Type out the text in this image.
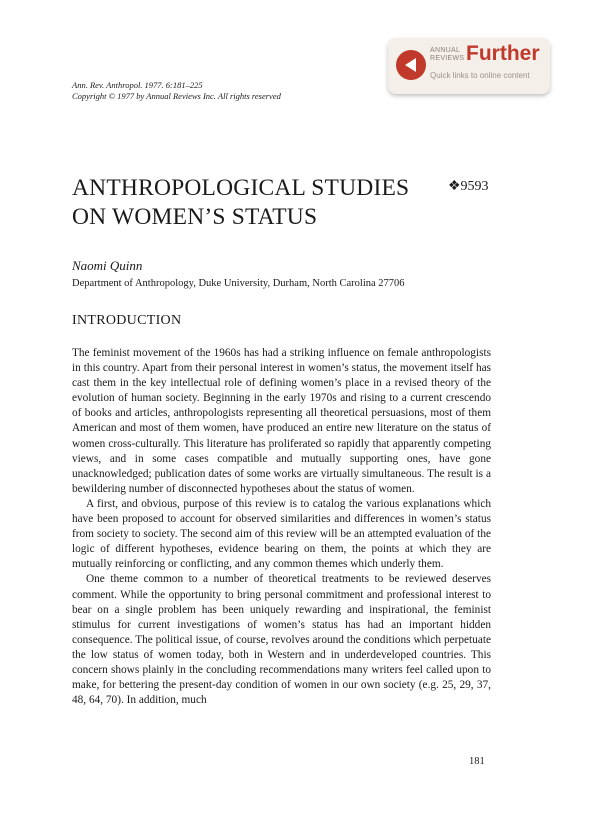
Ann. Rev. Anthropol. 1977. 6:181–225
Copyright © 1977 by Annual Reviews Inc. All rights reserved
ANNUAL
REVIEWS Further
Quick links to online content
ANTHROPOLOGICAL STUDIES
ON WOMEN’S STATUS
❖9593
Naomi Quinn
Department of Anthropology, Duke University, Durham, North Carolina 27706
INTRODUCTION

The feminist movement of the 1960s has had a striking influence on female anthropologists in this country. Apart from their personal interest in women’s status, the movement itself has cast them in the key intellectual role of defining women’s place in a revised theory of the evolution of human society. Beginning in the early 1970s and rising to a current crescendo of books and articles, anthropologists representing all theoretical persuasions, most of them American and most of them women, have produced an entire new literature on the status of women cross-culturally. This literature has proliferated so rapidly that apparently competing views, and in some cases compatible and mutually supporting ones, have gone unacknowledged; publication dates of some works are virtually simultaneous. The result is a bewildering number of disconnected hypotheses about the status of women.

A first, and obvious, purpose of this review is to catalog the various explanations which have been proposed to account for observed similarities and differences in women’s status from society to society. The second aim of this review will be an attempted evaluation of the logic of different hypotheses, evidence bearing on them, the points at which they are mutually reinforcing or conflicting, and any common themes which underly them.

One theme common to a number of theoretical treatments to be reviewed deserves comment. While the opportunity to bring personal commitment and professional interest to bear on a single problem has been uniquely rewarding and inspirational, the feminist stimulus for current investigations of women’s status has had an important hidden consequence. The political issue, of course, revolves around the conditions which perpetuate the low status of women today, both in Western and in underdeveloped countries. This concern shows plainly in the concluding recommendations many writers feel called upon to make, for bettering the present-day condition of women in our own society (e.g. 25, 29, 37, 48, 64, 70). In addition, much

181
